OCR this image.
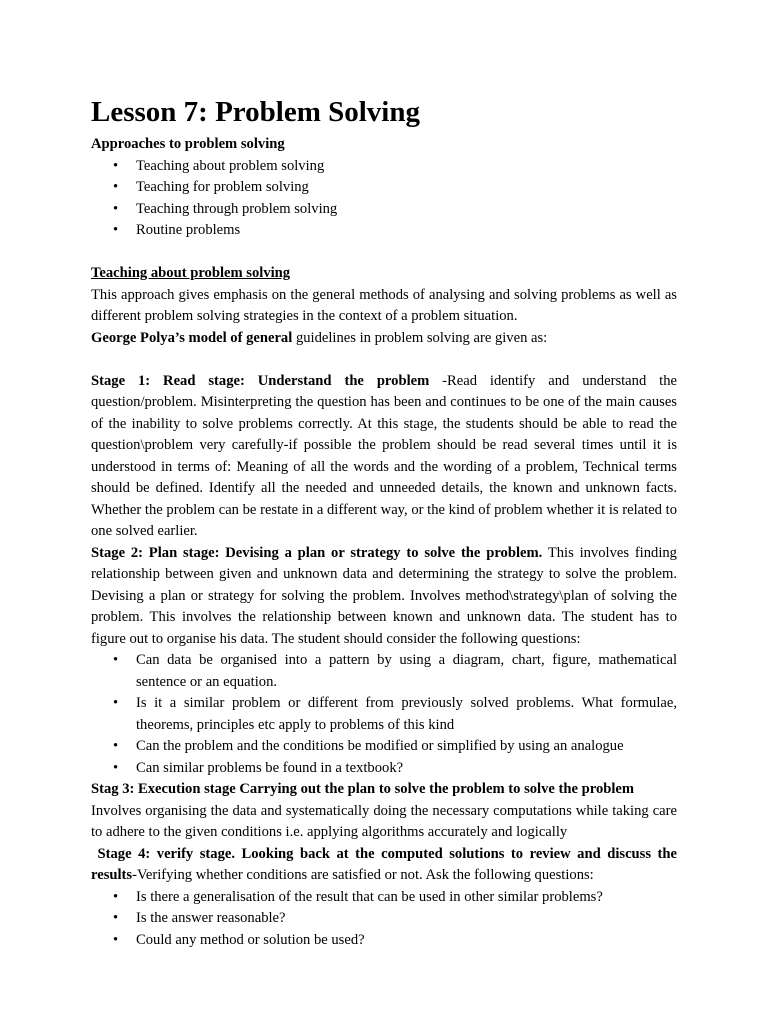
Lesson 7: Problem Solving
Approaches to problem solving
• Teaching about problem solving
• Teaching for problem solving
• Teaching through problem solving
• Routine problems
Teaching about problem solving

This approach gives emphasis on the general methods of analysing and solving problems as well as different problem solving strategies in the context of a problem situation.

George Polya’s model of general guidelines in problem solving are given as:

Stage 1: Read stage: Understand the problem -Read identify and understand the question/problem. Misinterpreting the question has been and continues to be one of the main causes of the inability to solve problems correctly. At this stage, the students should be able to read the question\problem very carefully-if possible the problem should be read several times until it is understood in terms of: Meaning of all the words and the wording of a problem, Technical terms should be defined. Identify all the needed and unneeded details, the known and unknown facts. Whether the problem can be restate in a different way, or the kind of problem whether it is related to one solved earlier.

Stage 2: Plan stage: Devising a plan or strategy to solve the problem. This involves finding relationship between given and unknown data and determining the strategy to solve the problem. Devising a plan or strategy for solving the problem. Involves method\strategy\plan of solving the problem. This involves the relationship between known and unknown data. The student has to figure out to organise his data. The student should consider the following questions:

• Can data be organised into a pattern by using a diagram, chart, figure, mathematical sentence or an equation.
• Is it a similar problem or different from previously solved problems. What formulae, theorems, principles etc apply to problems of this kind
• Can the problem and the conditions be modified or simplified by using an analogue
• Can similar problems be found in a textbook?
Stag 3: Execution stage Carrying out the plan to solve the problem to solve the problem

Involves organising the data and systematically doing the necessary computations while taking care to adhere to the given conditions i.e. applying algorithms accurately and logically

Stage 4: verify stage. Looking back at the computed solutions to review and discuss the results-Verifying whether conditions are satisfied or not. Ask the following questions:

• Is there a generalisation of the result that can be used in other similar problems?
• Is the answer reasonable?
• Could any method or solution be used?
